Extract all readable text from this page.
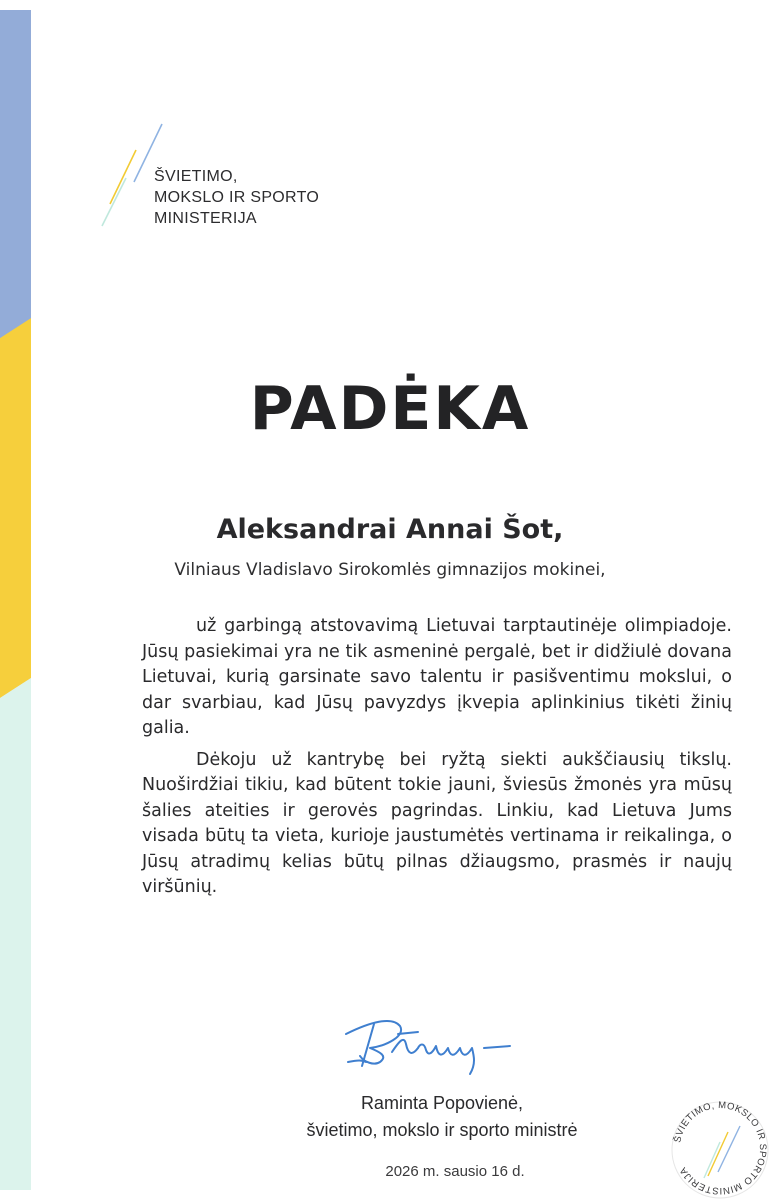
ŠVIETIMO,
MOKSLO IR SPORTO
MINISTERIJA
PADĖKA
Aleksandrai Annai Šot,
Vilniaus Vladislavo Sirokomlės gimnazijos mokinei,

už garbingą atstovavimą Lietuvai tarptautinėje olimpiadoje. Jūsų pasiekimai yra ne tik asmeninė pergalė, bet ir didžiulė dovana Lietuvai, kurią garsinate savo talentu ir pasišventimu mokslui, o dar svarbiau, kad Jūsų pavyzdys įkvepia aplinkinius tikėti žinių galia.

Dėkoju už kantrybę bei ryžtą siekti aukščiausių tikslų. Nuoširdžiai tikiu, kad būtent tokie jauni, šviesūs žmonės yra mūsų šalies ateities ir gerovės pagrindas. Linkiu, kad Lietuva Jums visada būtų ta vieta, kurioje jaustumėtės vertinama ir reikalinga, o Jūsų atradimų kelias būtų pilnas džiaugsmo, prasmės ir naujų viršūnių.

Raminta Popovienė,
švietimo, mokslo ir sporto ministrė
2026 m. sausio 16 d.
ŠVIETIMO, MOKSLO IR SPORTO MINISTERIJA
